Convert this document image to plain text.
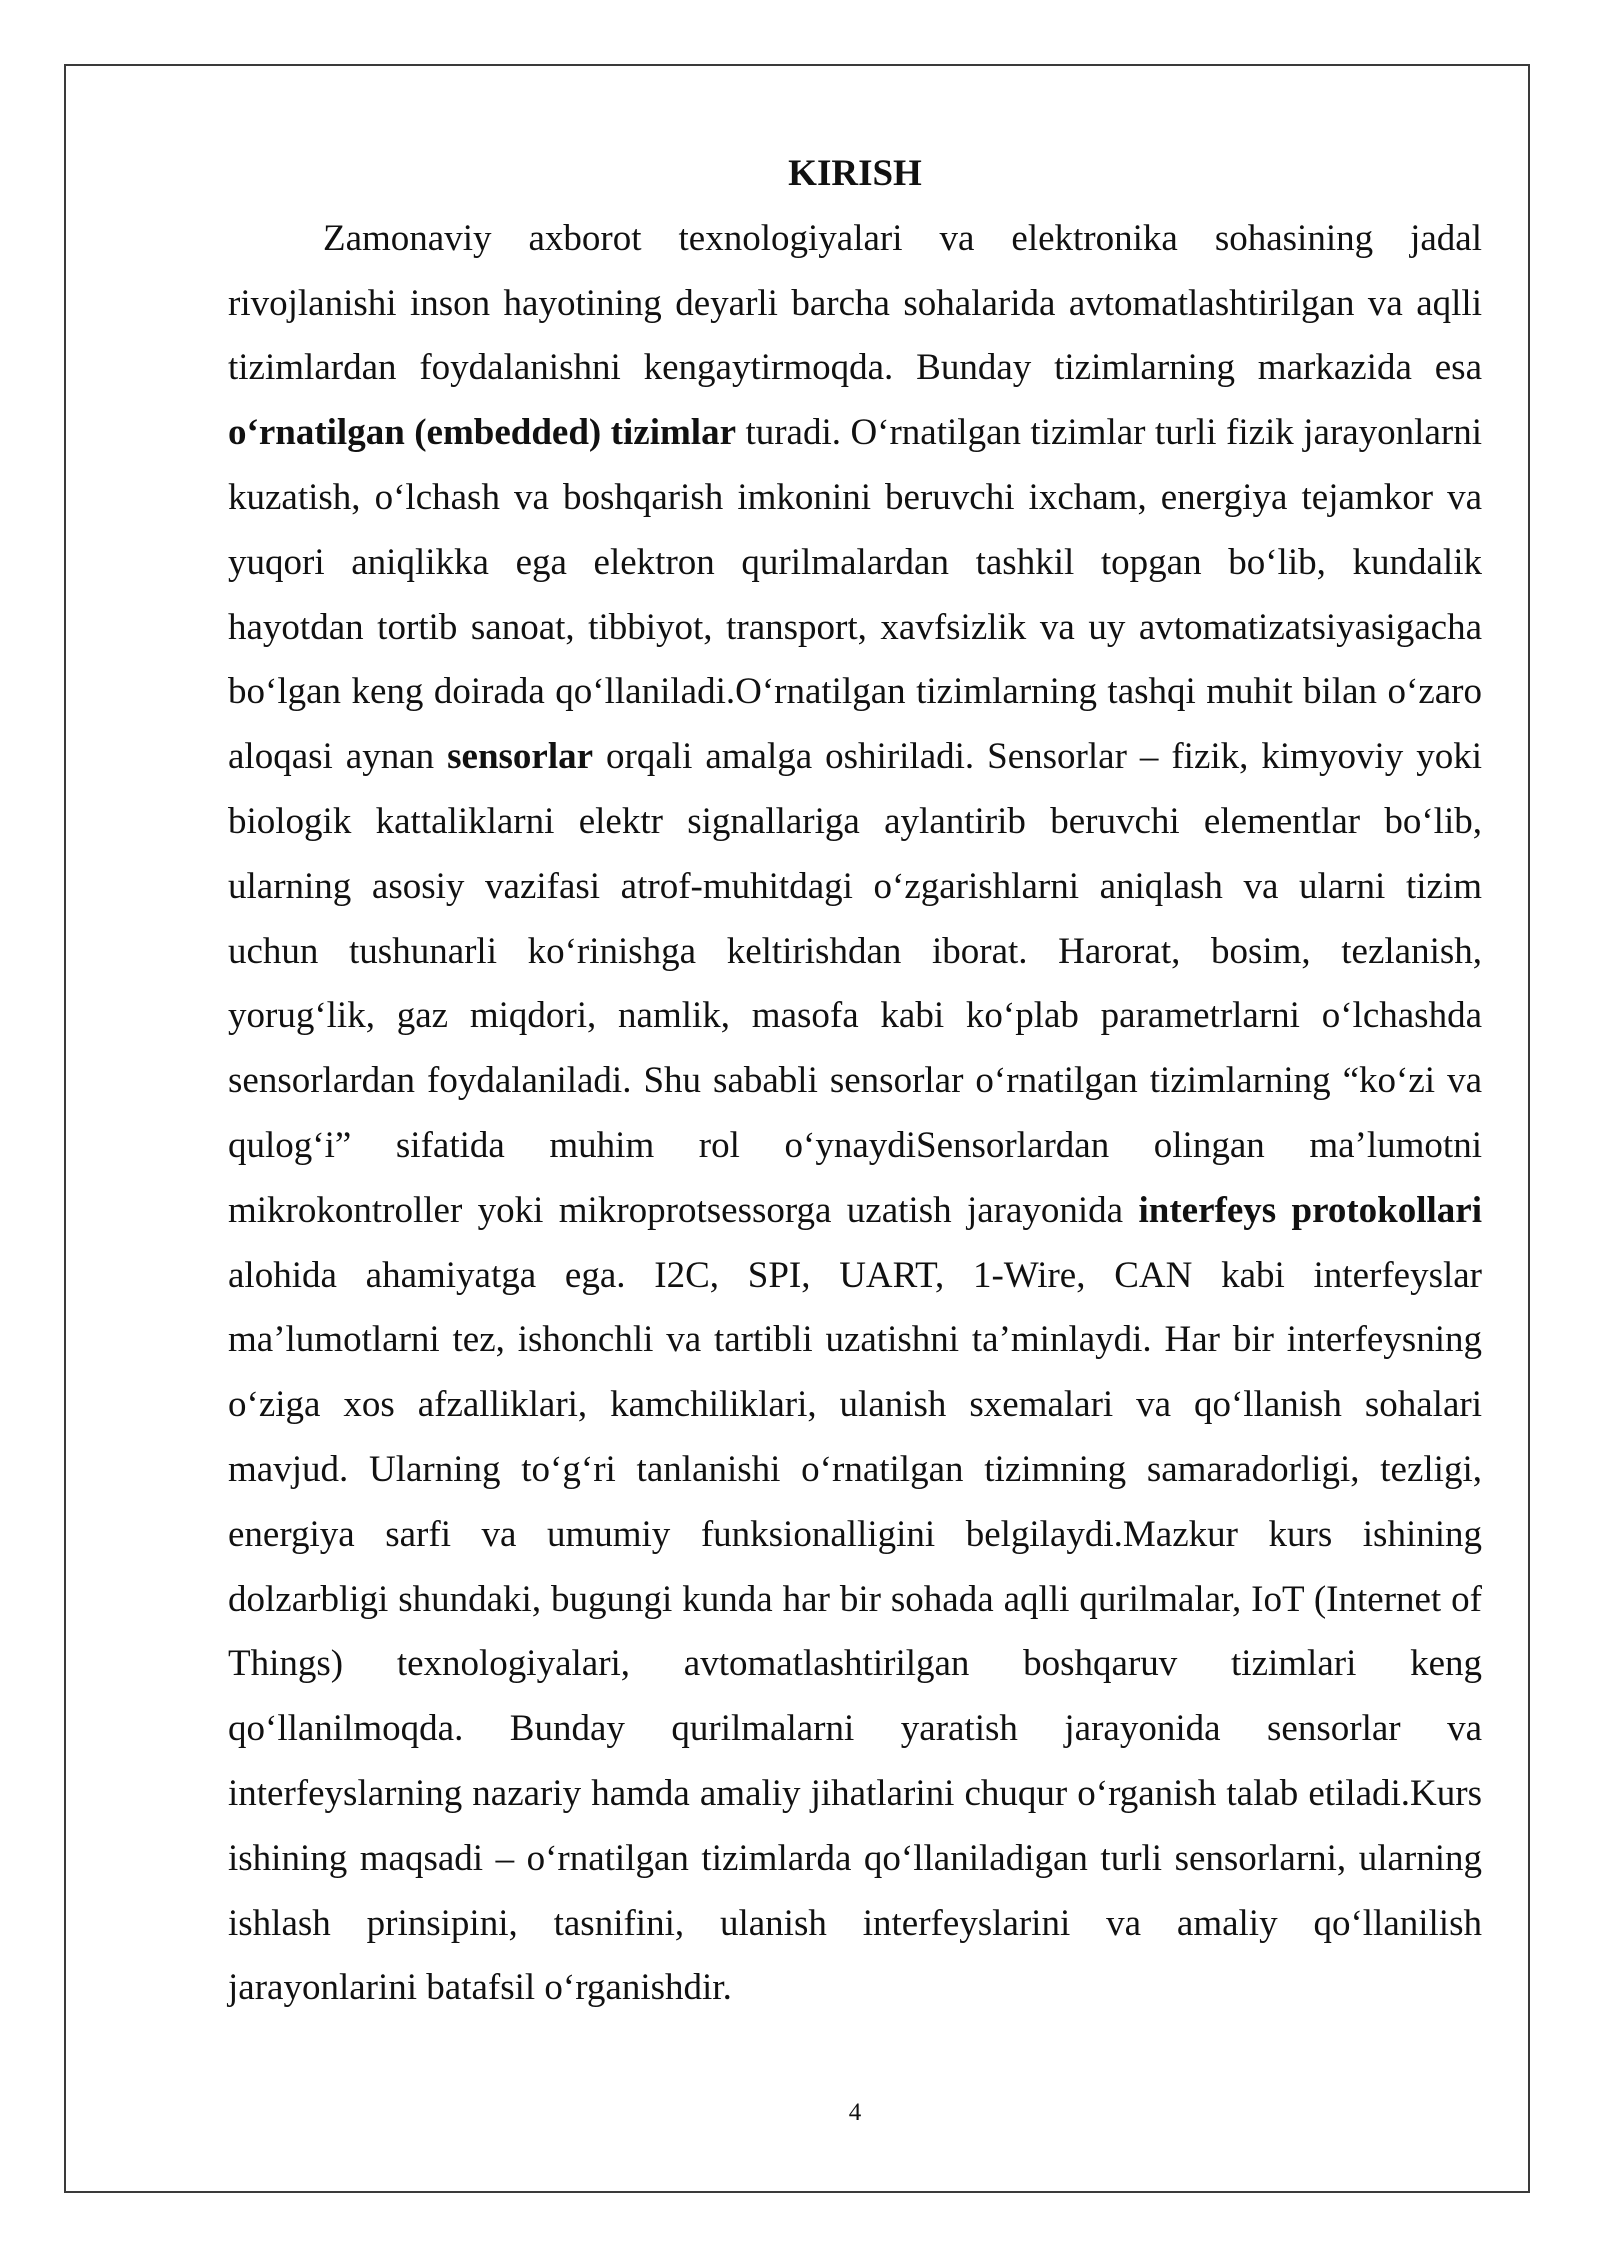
KIRISH
Zamonaviy axborot texnologiyalari va elektronika sohasining jadal
rivojlanishi inson hayotining deyarli barcha sohalarida avtomatlashtirilgan va aqlli
tizimlardan foydalanishni kengaytirmoqda. Bunday tizimlarning markazida esa
o‘rnatilgan (embedded) tizimlar turadi. O‘rnatilgan tizimlar turli fizik jarayonlarni
kuzatish, o‘lchash va boshqarish imkonini beruvchi ixcham, energiya tejamkor va
yuqori aniqlikka ega elektron qurilmalardan tashkil topgan bo‘lib, kundalik
hayotdan tortib sanoat, tibbiyot, transport, xavfsizlik va uy avtomatizatsiyasigacha
bo‘lgan keng doirada qo‘llaniladi.O‘rnatilgan tizimlarning tashqi muhit bilan o‘zaro
aloqasi aynan sensorlar orqali amalga oshiriladi. Sensorlar – fizik, kimyoviy yoki
biologik kattaliklarni elektr signallariga aylantirib beruvchi elementlar bo‘lib,
ularning asosiy vazifasi atrof-muhitdagi o‘zgarishlarni aniqlash va ularni tizim
uchun tushunarli ko‘rinishga keltirishdan iborat. Harorat, bosim, tezlanish,
yorug‘lik, gaz miqdori, namlik, masofa kabi ko‘plab parametrlarni o‘lchashda
sensorlardan foydalaniladi. Shu sababli sensorlar o‘rnatilgan tizimlarning “ko‘zi va
qulog‘i” sifatida muhim rol o‘ynaydiSensorlardan olingan ma’lumotni
mikrokontroller yoki mikroprotsessorga uzatish jarayonida interfeys protokollari
alohida ahamiyatga ega. I2C, SPI, UART, 1-Wire, CAN kabi interfeyslar
ma’lumotlarni tez, ishonchli va tartibli uzatishni ta’minlaydi. Har bir interfeysning
o‘ziga xos afzalliklari, kamchiliklari, ulanish sxemalari va qo‘llanish sohalari
mavjud. Ularning to‘g‘ri tanlanishi o‘rnatilgan tizimning samaradorligi, tezligi,
energiya sarfi va umumiy funksionalligini belgilaydi.Mazkur kurs ishining
dolzarbligi shundaki, bugungi kunda har bir sohada aqlli qurilmalar, IoT (Internet of
Things) texnologiyalari, avtomatlashtirilgan boshqaruv tizimlari keng
qo‘llanilmoqda. Bunday qurilmalarni yaratish jarayonida sensorlar va
interfeyslarning nazariy hamda amaliy jihatlarini chuqur o‘rganish talab etiladi.Kurs
ishining maqsadi – o‘rnatilgan tizimlarda qo‘llaniladigan turli sensorlarni, ularning
ishlash prinsipini, tasnifini, ulanish interfeyslarini va amaliy qo‘llanilish
jarayonlarini batafsil o‘rganishdir.
4
